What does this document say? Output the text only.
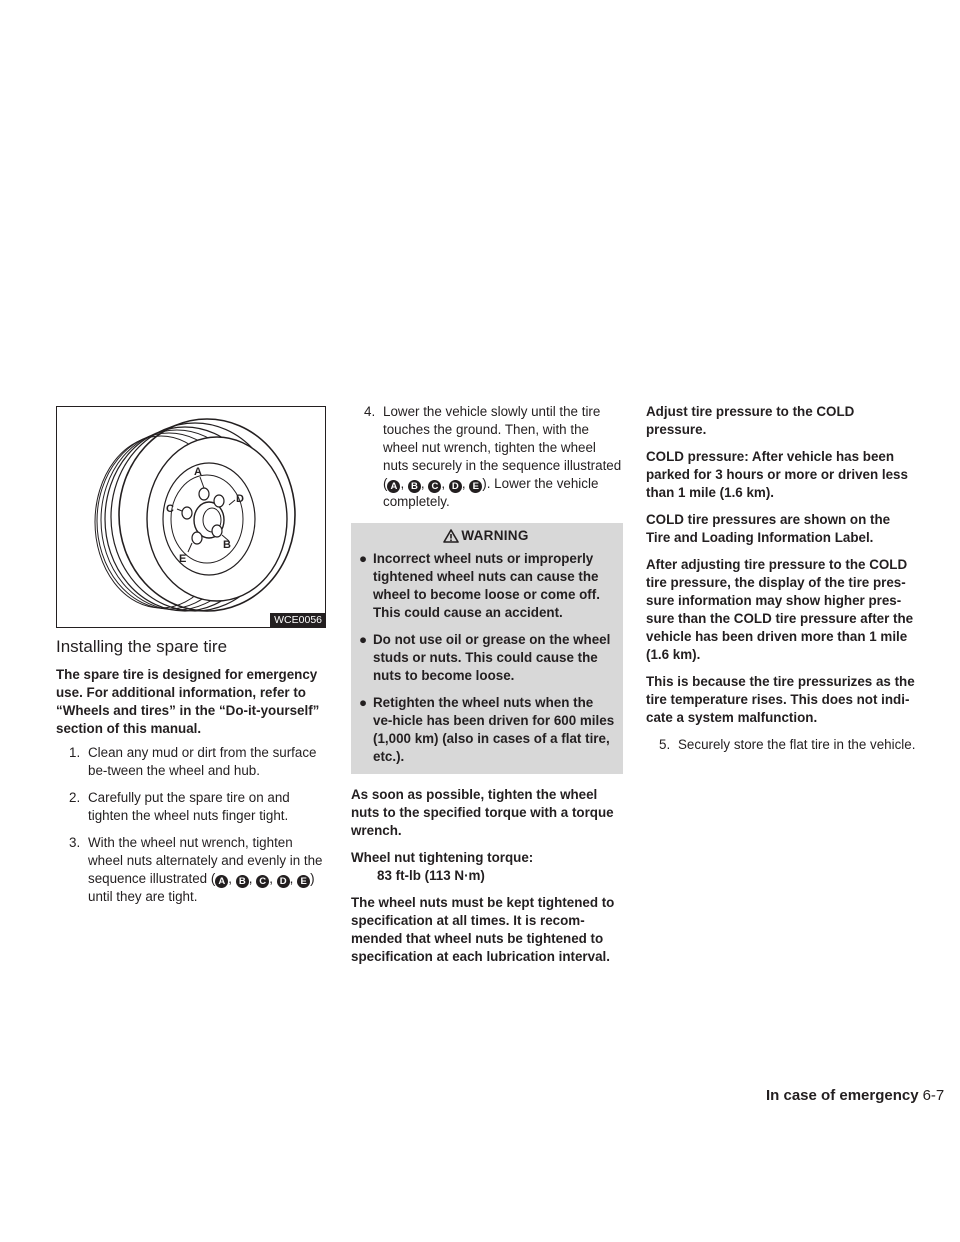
A
D
C
B
E
WCE0056
Installing the spare tire

The spare tire is designed for emergency use. For additional information, refer to “Wheels and tires” in the “Do-it-yourself” section of this manual.

1. Clean any mud or dirt from the surface be-tween the wheel and hub.
2. Carefully put the spare tire on and tighten the wheel nuts finger tight.
3. With the wheel nut wrench, tighten wheel nuts alternately and evenly in the sequence illustrated ( A , B , C , D , E ) until they are tight.
4. Lower the vehicle slowly until the tire touches the ground. Then, with the wheel nut wrench, tighten the wheel nuts securely in the sequence illustrated ( A , B , C , D , E ). Lower the vehicle completely.
WARNING
● Incorrect wheel nuts or improperly tightened wheel nuts can cause the wheel to become loose or come off. This could cause an accident.
● Do not use oil or grease on the wheel studs or nuts. This could cause the nuts to become loose.
● Retighten the wheel nuts when the ve-hicle has been driven for 600 miles (1,000 km) (also in cases of a flat tire, etc.).

As soon as possible, tighten the wheel nuts to the specified torque with a torque wrench.

Wheel nut tightening torque:

83 ft-lb (113 N·m)

The wheel nuts must be kept tightened to specification at all times. It is recom-mended that wheel nuts be tightened to specification at each lubrication interval.

Adjust tire pressure to the COLD pressure.

COLD pressure: After vehicle has been parked for 3 hours or more or driven less than 1 mile (1.6 km).

COLD tire pressures are shown on the Tire and Loading Information Label.

After adjusting tire pressure to the COLD tire pressure, the display of the tire pres-sure information may show higher pres-sure than the COLD tire pressure after the vehicle has been driven more than 1 mile (1.6 km).

This is because the tire pressurizes as the tire temperature rises. This does not indi-cate a system malfunction.

5. Securely store the flat tire in the vehicle.
In case of emergency 6-7
